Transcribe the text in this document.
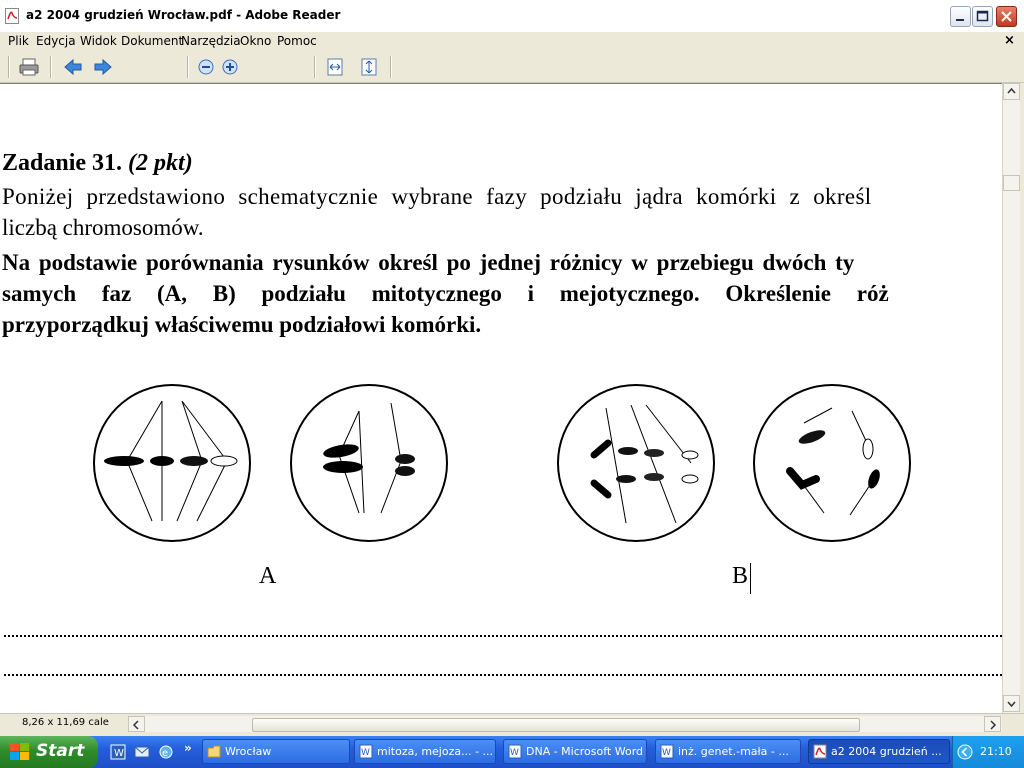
a2 2004 grudzień Wrocław.pdf - Adobe Reader
Plik Edycja Widok Dokument
Narzędzia Okno Pomoc	×
Zadanie 31. (2 pkt)
Poniżej przedstawiono schematycznie wybrane fazy podziału jądra komórki z określ
liczbą chromosomów.
Na podstawie porównania rysunków określ po jednej różnicy w przebiegu dwóch ty
samych faz (A, B) podziału mitotycznego i mejotycznego. Określenie róż
przyporządkuj właściwemu podziałowi komórki.
A	B
8,26 x 11,69 cale
Start	W	e »	Wrocław	W mitoza, mejoza... - ... W DNA - Microsoft Word W inż. genet.-mała - ...	a2 2004 grudzień ...	21:10
